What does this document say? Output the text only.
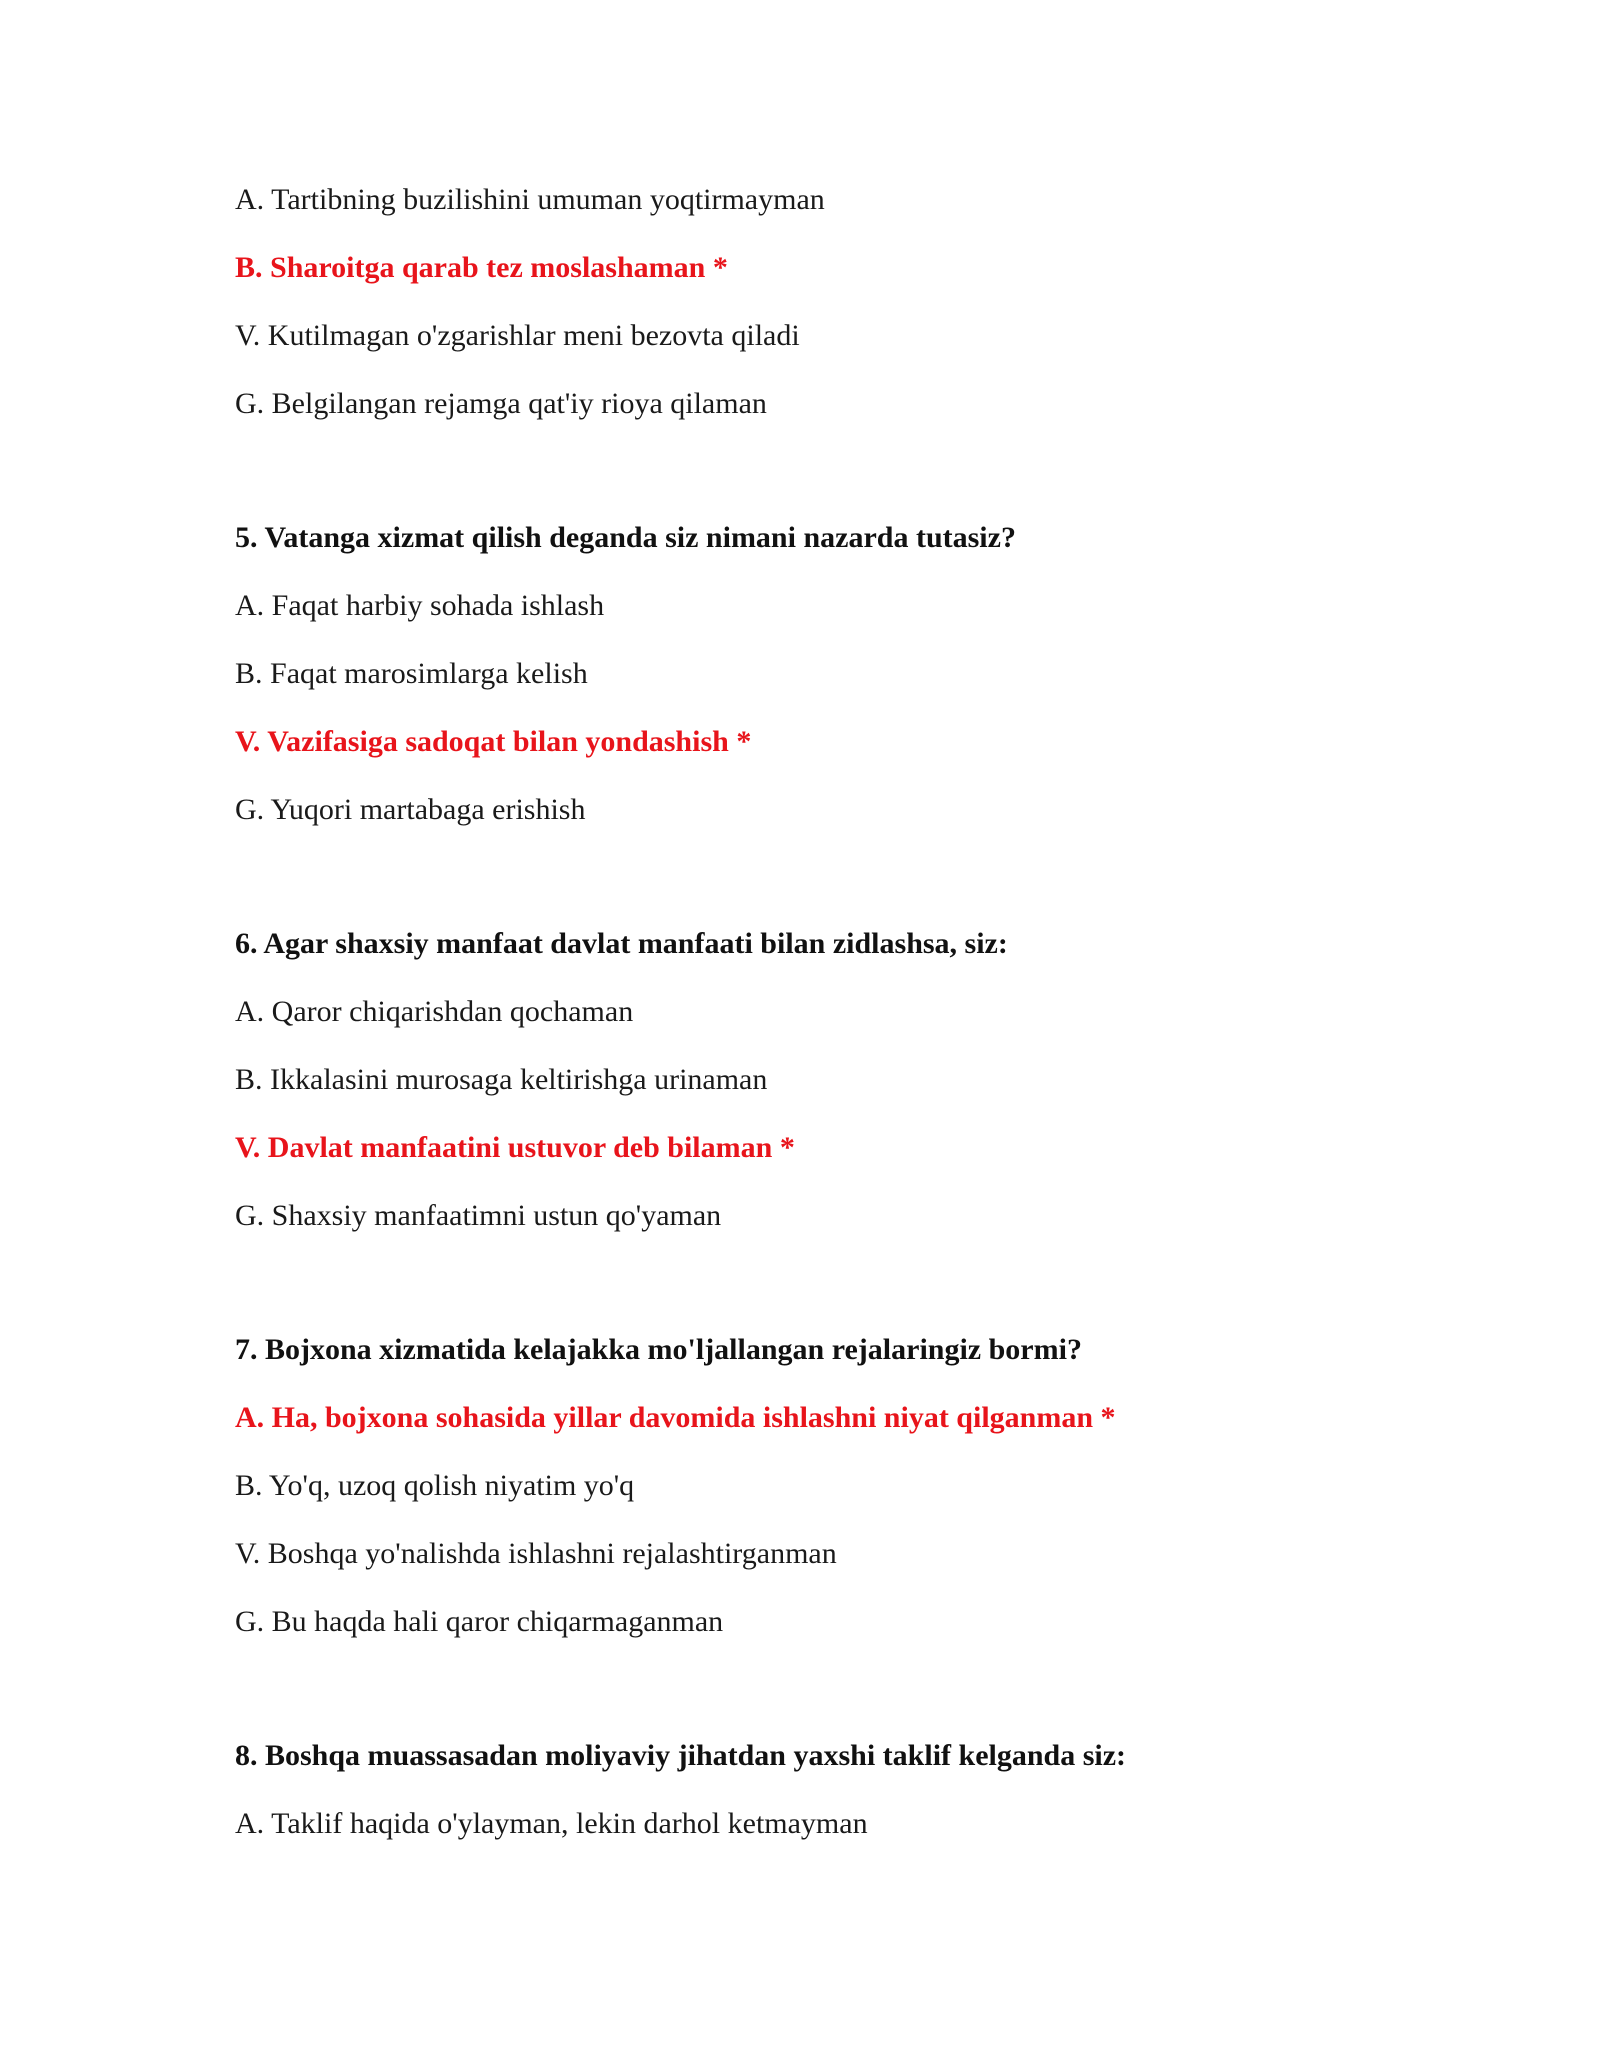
A. Tartibning buzilishini umuman yoqtirmayman
B. Sharoitga qarab tez moslashaman *
V. Kutilmagan o'zgarishlar meni bezovta qiladi
G. Belgilangan rejamga qat'iy rioya qilaman
5. Vatanga xizmat qilish deganda siz nimani nazarda tutasiz?
A. Faqat harbiy sohada ishlash
B. Faqat marosimlarga kelish
V. Vazifasiga sadoqat bilan yondashish *
G. Yuqori martabaga erishish
6. Agar shaxsiy manfaat davlat manfaati bilan zidlashsa, siz:
A. Qaror chiqarishdan qochaman
B. Ikkalasini murosaga keltirishga urinaman
V. Davlat manfaatini ustuvor deb bilaman *
G. Shaxsiy manfaatimni ustun qo'yaman
7. Bojxona xizmatida kelajakka mo'ljallangan rejalaringiz bormi?
A. Ha, bojxona sohasida yillar davomida ishlashni niyat qilganman *
B. Yo'q, uzoq qolish niyatim yo'q
V. Boshqa yo'nalishda ishlashni rejalashtirganman
G. Bu haqda hali qaror chiqarmaganman
8. Boshqa muassasadan moliyaviy jihatdan yaxshi taklif kelganda siz:
A. Taklif haqida o'ylayman, lekin darhol ketmayman
